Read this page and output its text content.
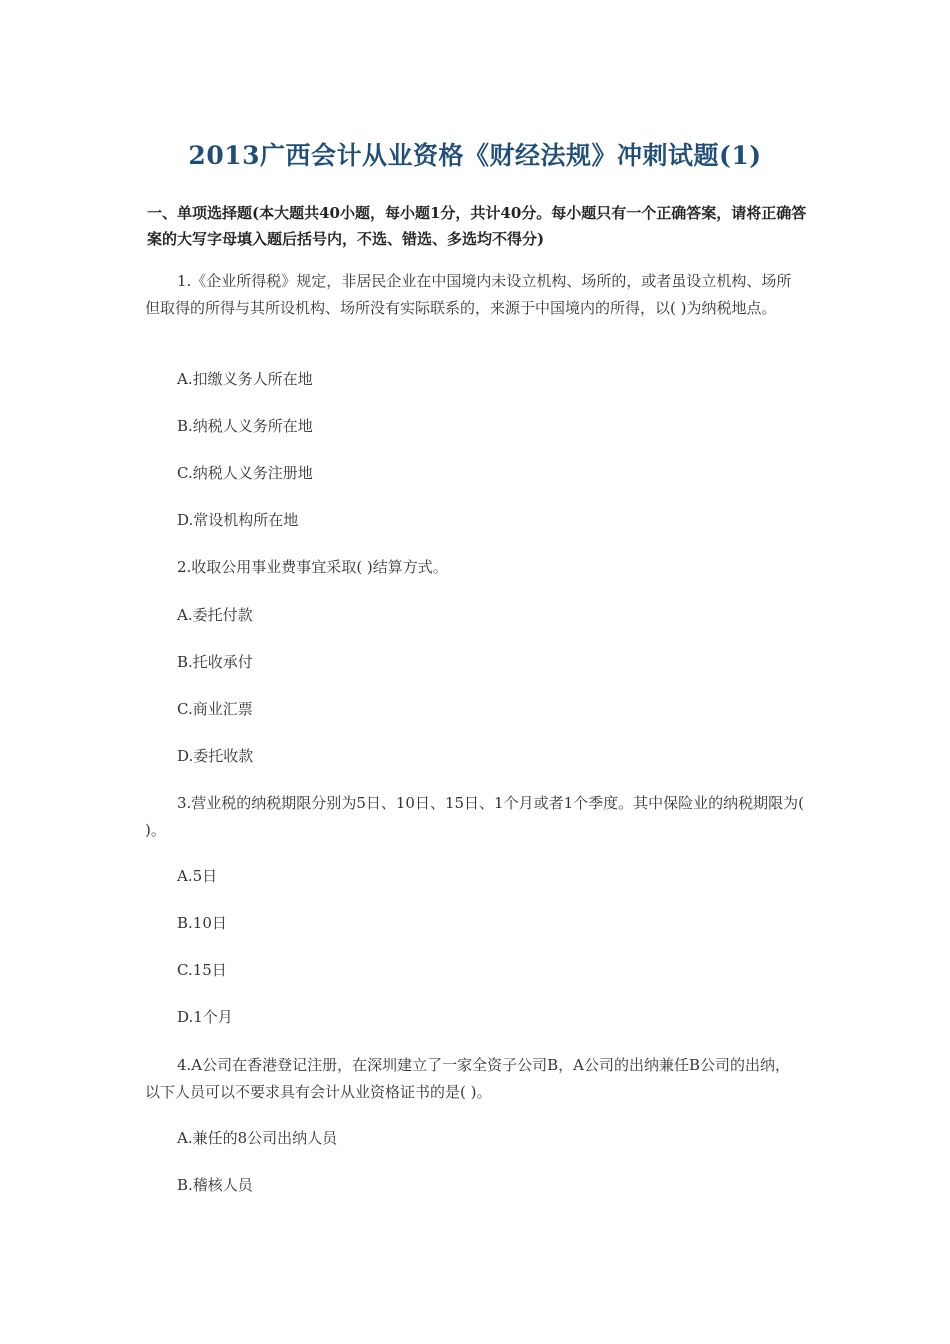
2013广西会计从业资格《财经法规》冲刺试题(1)
一、单项选择题(本大题共40小题，每小题1分，共计40分。每小题只有一个正确答案，请将正确答案的大写字母填入题后括号内，不选、错选、多选均不得分)
1.《企业所得税》规定，非居民企业在中国境内未设立机构、场所的，或者虽设立机构、场所但取得的所得与其所设机构、场所没有实际联系的，来源于中国境内的所得，以( )为纳税地点。
A.扣缴义务人所在地
B.纳税人义务所在地
C.纳税人义务注册地
D.常设机构所在地
2.收取公用事业费事宜采取( )结算方式。
A.委托付款
B.托收承付
C.商业汇票
D.委托收款
3.营业税的纳税期限分别为5日、10日、15日、1个月或者1个季度。其中保险业的纳税期限为( )。
A.5日
B.10日
C.15日
D.1个月
4.A公司在香港登记注册，在深圳建立了一家全资子公司B，A公司的出纳兼任B公司的出纳，以下人员可以不要求具有会计从业资格证书的是( )。
A.兼任的8公司出纳人员
B.稽核人员
